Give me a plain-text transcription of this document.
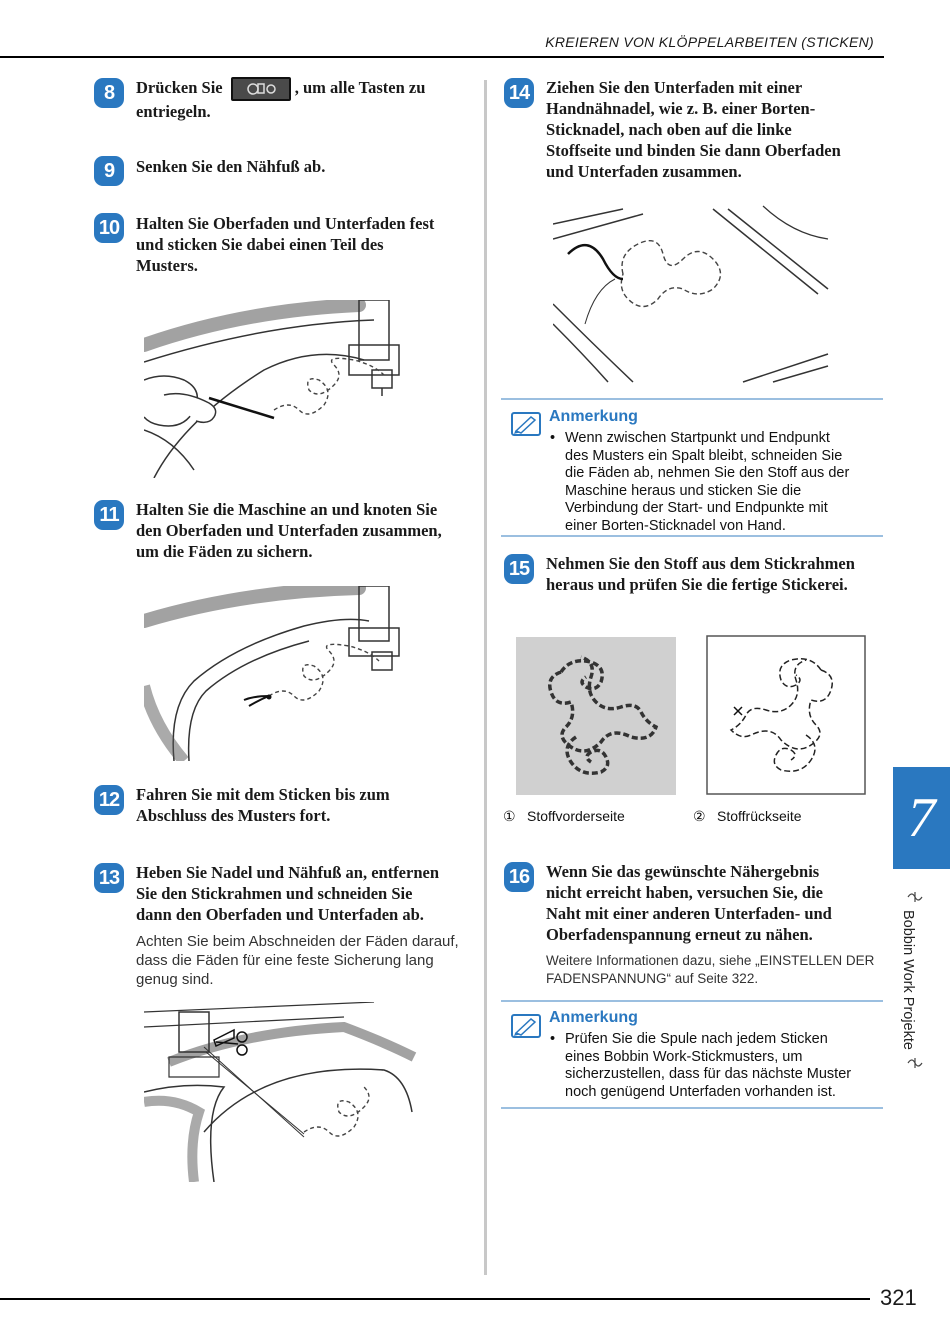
KREIEREN VON KLÖPPELARBEITEN (STICKEN)
8	Drücken Sie	, um alle Tasten zu
entriegeln.
9	Senken Sie den Nähfuß ab.
10 Halten Sie Oberfaden und Unterfaden fest
und sticken Sie dabei einen Teil des
Musters.
11	Halten Sie die Maschine an und knoten Sie
den Oberfaden und Unterfaden zusammen,
um die Fäden zu sichern.
12 Fahren Sie mit dem Sticken bis zum
Abschluss des Musters fort.
13 Heben Sie Nadel und Nähfuß an, entfernen
Sie den Stickrahmen und schneiden Sie
dann den Oberfaden und Unterfaden ab.
Achten Sie beim Abschneiden der Fäden darauf,
dass die Fäden für eine feste Sicherung lang
genug sind.
14 Ziehen Sie den Unterfaden mit einer
Handnähnadel, wie z. B. einer Borten-
Sticknadel, nach oben auf die linke
Stoffseite und binden Sie dann Oberfaden
und Unterfaden zusammen.
Anmerkung
• Wenn zwischen Startpunkt und Endpunkt
des Musters ein Spalt bleibt, schneiden Sie
die Fäden ab, nehmen Sie den Stoff aus der
Maschine heraus und sticken Sie die
Verbindung der Start- und Endpunkte mit
einer Borten-Sticknadel von Hand.
15 Nehmen Sie den Stoff aus dem Stickrahmen
heraus und prüfen Sie die fertige Stickerei.
① Stoffvorderseite	② Stoffrückseite
16 Wenn Sie das gewünschte Nähergebnis
nicht erreicht haben, versuchen Sie, die
Naht mit einer anderen Unterfaden- und
Oberfadenspannung erneut zu nähen.
Weitere Informationen dazu, siehe „EINSTELLEN DER
FADENSPANNUNG“ auf Seite 322.
Anmerkung
• Prüfen Sie die Spule nach jedem Sticken
eines Bobbin Work-Stickmusters, um
sicherzustellen, dass für das nächste Muster
noch genügend Unterfaden vorhanden ist.
7
Bobbin Work Projekte
321
